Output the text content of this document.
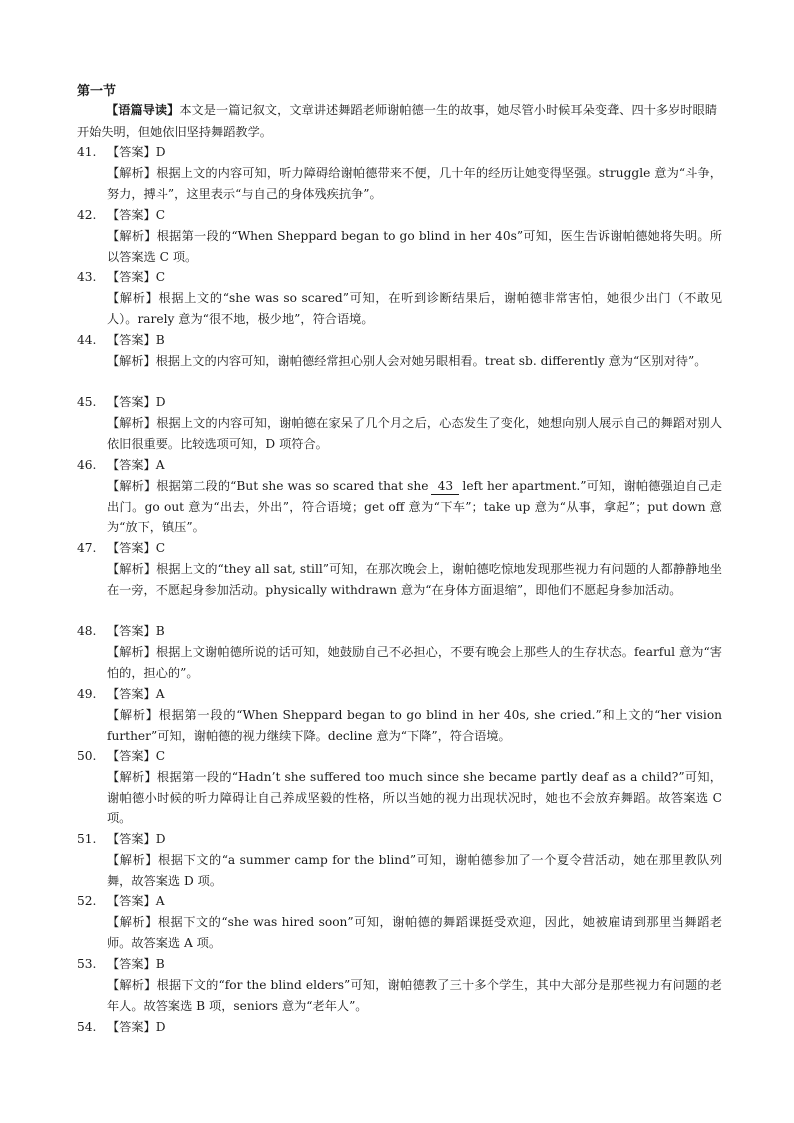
第一节
【语篇导读】本文是一篇记叙文，文章讲述舞蹈老师谢帕德一生的故事，她尽管小时候耳朵变聋、四十多岁时眼睛开始失明，但她依旧坚持舞蹈教学。
41. 【答案】D
【解析】根据上文的内容可知，听力障碍给谢帕德带来不便，几十年的经历让她变得坚强。struggle 意为“斗争，努力，搏斗”，这里表示“与自己的身体残疾抗争”。
42. 【答案】C
【解析】根据第一段的“When Sheppard began to go blind in her 40s”可知，医生告诉谢帕德她将失明。所以答案选 C 项。
43. 【答案】C
【解析】根据上文的“she was so scared”可知，在听到诊断结果后，谢帕德非常害怕，她很少出门（不敢见人）。rarely 意为“很不地，极少地”，符合语境。
44. 【答案】B
【解析】根据上文的内容可知，谢帕德经常担心别人会对她另眼相看。treat sb. differently 意为“区别对待”。
45. 【答案】D
【解析】根据上文的内容可知，谢帕德在家呆了几个月之后，心态发生了变化，她想向别人展示自己的舞蹈对别人依旧很重要。比较选项可知，D 项符合。
46. 【答案】A
【解析】根据第二段的“But she was so scared that she 43 left her apartment.”可知，谢帕德强迫自己走出门。go out 意为“出去，外出”，符合语境；get off 意为“下车”；take up 意为“从事，拿起”；put down 意为“放下，镇压”。
47. 【答案】C
【解析】根据上文的“they all sat, still”可知，在那次晚会上，谢帕德吃惊地发现那些视力有问题的人都静静地坐在一旁，不愿起身参加活动。physically withdrawn 意为“在身体方面退缩”，即他们不愿起身参加活动。
48. 【答案】B
【解析】根据上文谢帕德所说的话可知，她鼓励自己不必担心，不要有晚会上那些人的生存状态。fearful 意为“害怕的，担心的”。
49. 【答案】A
【解析】根据第一段的“When Sheppard began to go blind in her 40s, she cried.”和上文的“her vision further”可知，谢帕德的视力继续下降。decline 意为“下降”，符合语境。
50. 【答案】C
【解析】根据第一段的“Hadn’t she suffered too much since she became partly deaf as a child?”可知，谢帕德小时候的听力障碍让自己养成坚毅的性格，所以当她的视力出现状况时，她也不会放弃舞蹈。故答案选 C 项。
51. 【答案】D
【解析】根据下文的“a summer camp for the blind”可知，谢帕德参加了一个夏令营活动，她在那里教队列舞，故答案选 D 项。
52. 【答案】A
【解析】根据下文的“she was hired soon”可知，谢帕德的舞蹈课挺受欢迎，因此，她被雇请到那里当舞蹈老师。故答案选 A 项。
53. 【答案】B
【解析】根据下文的“for the blind elders”可知，谢帕德教了三十多个学生，其中大部分是那些视力有问题的老年人。故答案选 B 项，seniors 意为“老年人”。
54. 【答案】D
